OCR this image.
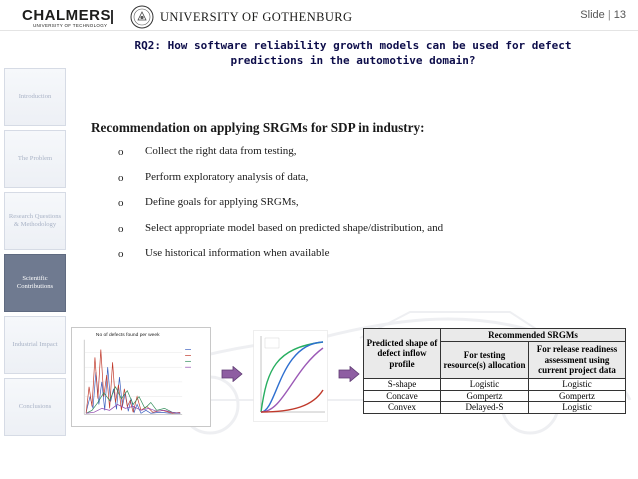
CHALMERS
UNIVERSITY OF TECHNOLOGY
UNIVERSITY OF GOTHENBURG	Slide | 13
Introduction
The Problem
Research Questions & Methodology
Scientific Contributions
Industrial Impact
Conclusions
RQ2: How software reliability growth models can be used for defect
predictions in the automotive domain?
Recommendation on applying SRGMs for SDP in industry:
o Collect the right data from testing,
o Perform exploratory analysis of data,
o Define goals for applying SRGMs,
o Select appropriate model based on predicted shape/distribution, and
o Use historical information when available
No of defects found per week
Predicted shape of defect inflow profile	Recommended SRGMs	
	For testing resource(s) allocation	For release readiness assessment using current project data
S-shape	Logistic	Logistic
Concave	Gompertz	Gompertz
Convex	Delayed-S	Logistic
